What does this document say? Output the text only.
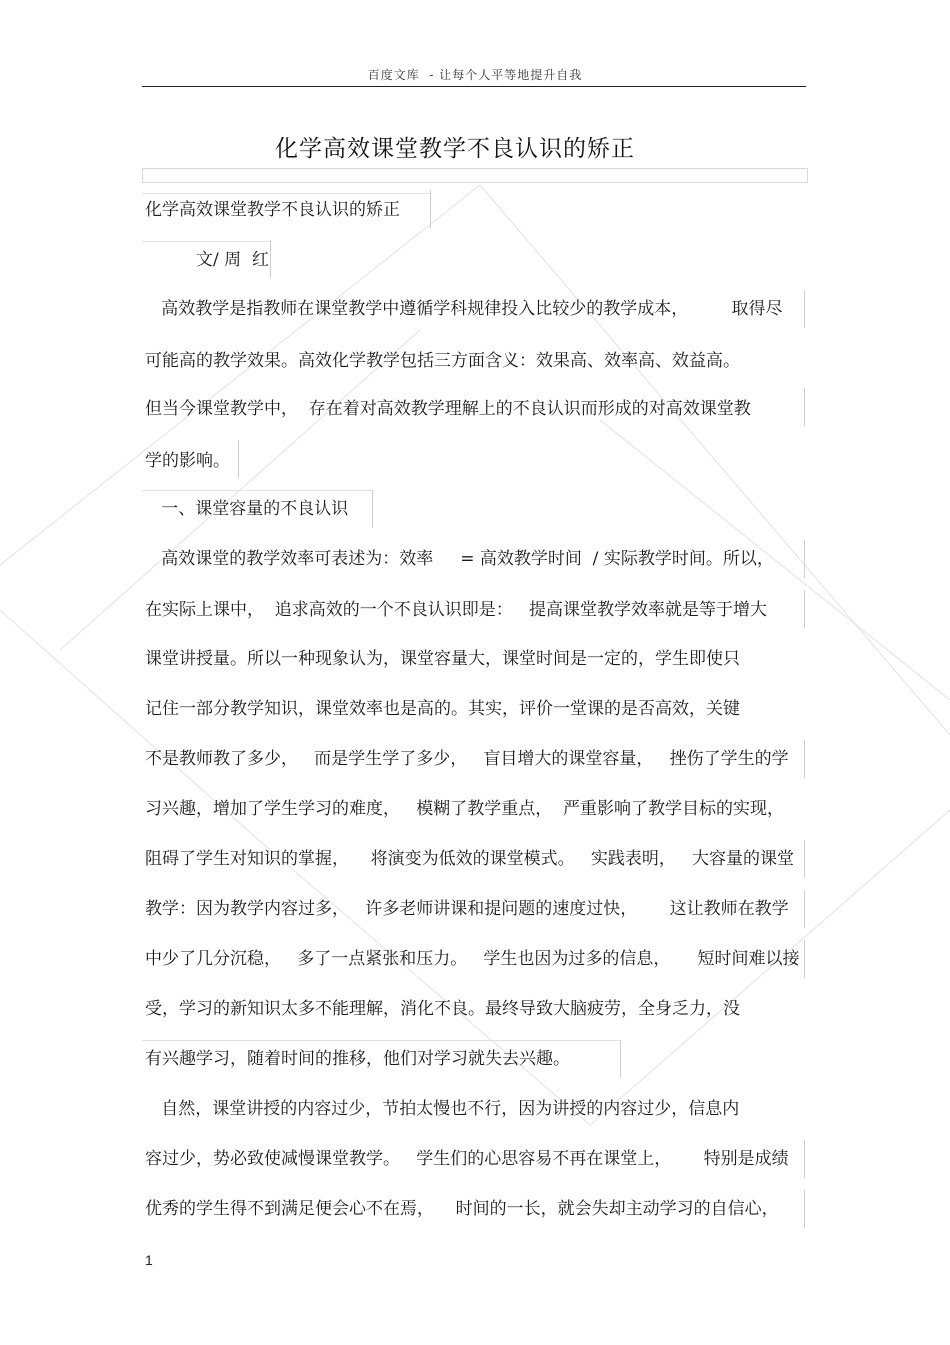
百度文库  - 让每个人平等地提升自我
化学高效课堂教学不良认识的矫正
化学高效课堂教学不良认识的矫正
文/ 周  红
高效教学是指教师在课堂教学中遵循学科规律投入比较少的教学成本，        取得尽
可能高的教学效果。高效化学教学包括三方面含义：效果高、效率高、效益高。
但当今课堂教学中，  存在着对高效教学理解上的不良认识而形成的对高效课堂教
学的影响。
一、课堂容量的不良认识
高效课堂的教学效率可表述为：效率     = 高效教学时间  / 实际教学时间。所以，
在实际上课中，  追求高效的一个不良认识即是：   提高课堂教学效率就是等于增大
课堂讲授量。所以一种现象认为，课堂容量大，课堂时间是一定的，学生即使只
记住一部分教学知识，课堂效率也是高的。其实，评价一堂课的是否高效，关键
不是教师教了多少，   而是学生学了多少，   盲目增大的课堂容量，   挫伤了学生的学
习兴趣，增加了学生学习的难度，   模糊了教学重点，  严重影响了教学目标的实现，
阻碍了学生对知识的掌握，    将演变为低效的课堂模式。   实践表明，   大容量的课堂
教学：因为教学内容过多，   许多老师讲课和提问题的速度过快，      这让教师在教学
中少了几分沉稳，   多了一点紧张和压力。   学生也因为过多的信息，     短时间难以接
受，学习的新知识太多不能理解，消化不良。最终导致大脑疲劳，全身乏力，没
有兴趣学习，随着时间的推移，他们对学习就失去兴趣。
自然，课堂讲授的内容过少，节拍太慢也不行，因为讲授的内容过少，信息内
容过少，势必致使减慢课堂教学。   学生们的心思容易不再在课堂上，      特别是成绩
优秀的学生得不到满足便会心不在焉，    时间的一长，就会失却主动学习的自信心，
1
